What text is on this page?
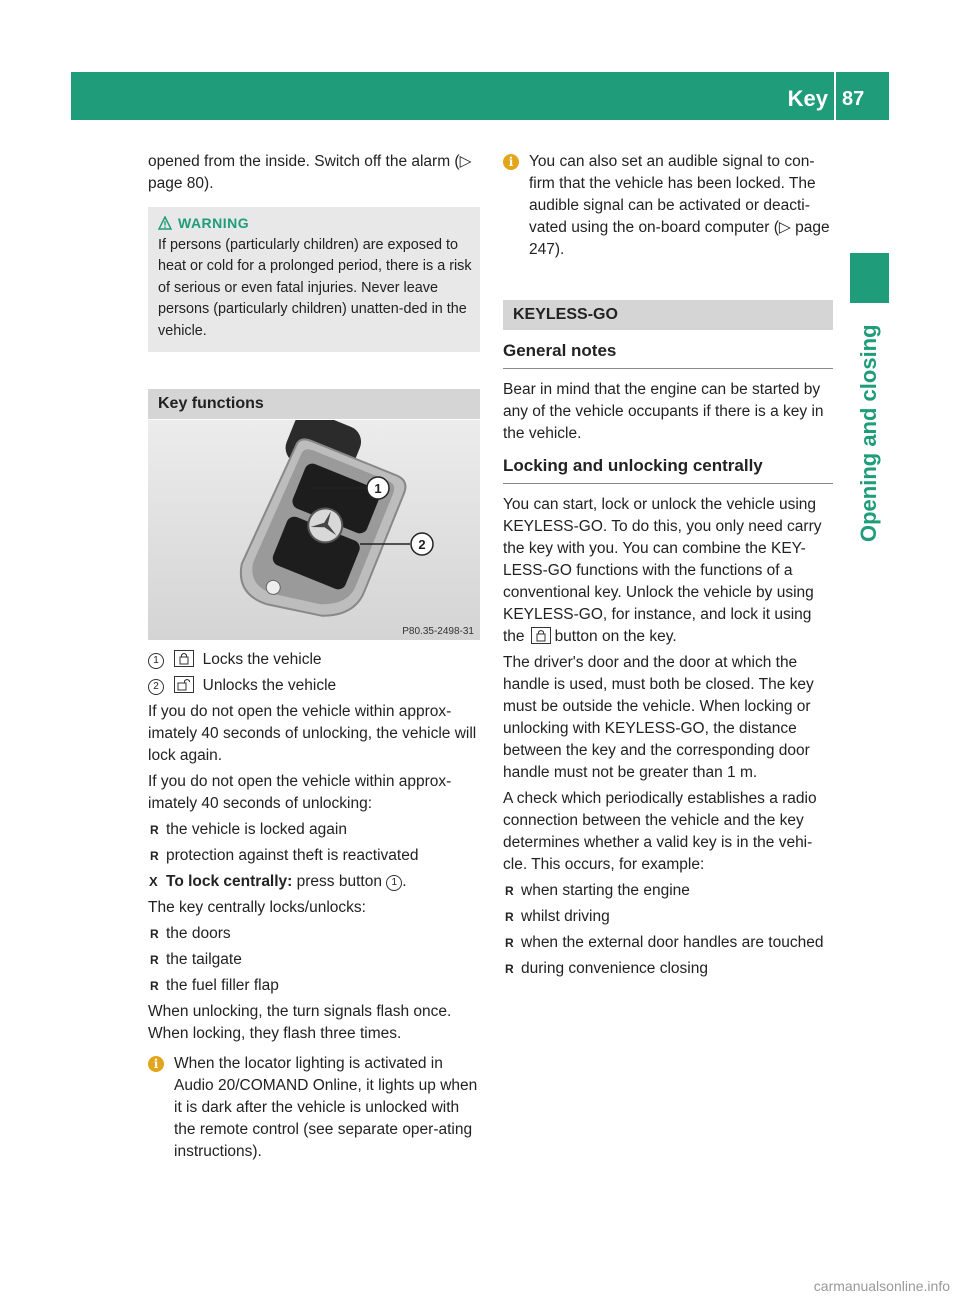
Key 87
Opening and closing

opened from the inside. Switch off the alarm (▷ page 80).

WARNING
If persons (particularly children) are exposed to heat or cold for a prolonged period, there is a risk of serious or even fatal injuries. Never leave persons (particularly children) unatten-ded in the vehicle.
Key functions
1
2
P80.35-2498-31
1	Locks the vehicle
2	Unlocks the vehicle

If you do not open the vehicle within approx-imately 40 seconds of unlocking, the vehicle will lock again.

If you do not open the vehicle within approx-imately 40 seconds of unlocking:

R the vehicle is locked again
R protection against theft is reactivated
X To lock centrally: press button 1 .

The key centrally locks/unlocks:

R the doors
R the tailgate
R the fuel filler flap

When unlocking, the turn signals flash once. When locking, they flash three times.

i	When the locator lighting is activated in Audio 20/COMAND Online, it lights up when it is dark after the vehicle is unlocked with the remote control (see separate oper-ating instructions).
i	You can also set an audible signal to con-firm that the vehicle has been locked. The audible signal can be activated or deacti-vated using the on-board computer (▷ page 247).
KEYLESS-GO
General notes

Bear in mind that the engine can be started by any of the vehicle occupants if there is a key in the vehicle.

Locking and unlocking centrally

You can start, lock or unlock the vehicle using KEYLESS-GO. To do this, you only need carry the key with you. You can combine the KEY-LESS-GO functions with the functions of a conventional key. Unlock the vehicle by using KEYLESS-GO, for instance, and lock it using the button on the key.

The driver's door and the door at which the handle is used, must both be closed. The key must be outside the vehicle. When locking or unlocking with KEYLESS-GO, the distance between the key and the corresponding door handle must not be greater than 1 m.

A check which periodically establishes a radio connection between the vehicle and the key determines whether a valid key is in the vehi-cle. This occurs, for example:

R when starting the engine
R whilst driving
R when the external door handles are touched
R during convenience closing
carmanualsonline.info
